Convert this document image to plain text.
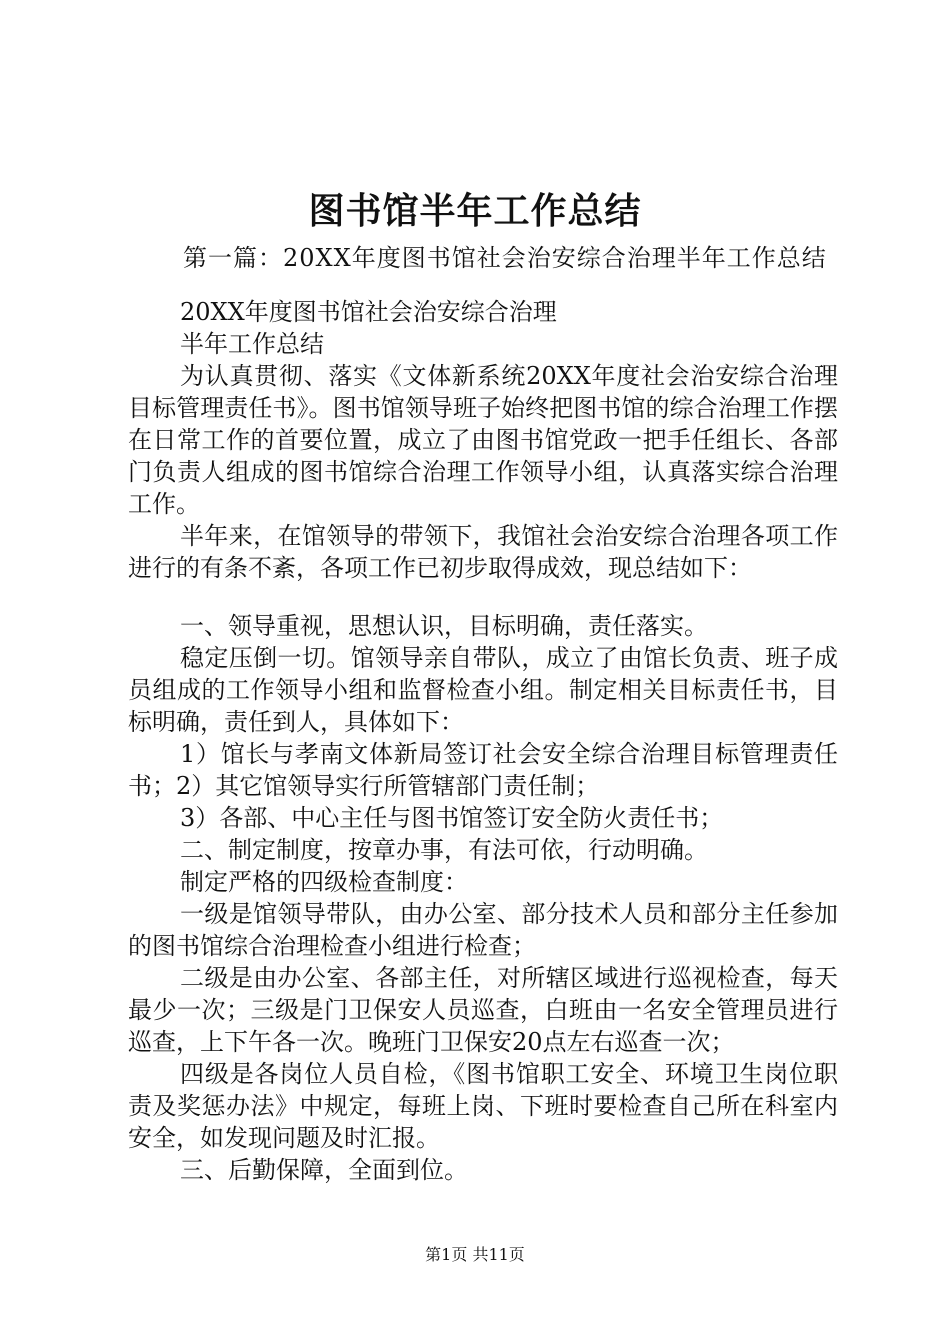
图书馆半年工作总结
第一篇：20XX年度图书馆社会治安综合治理半年工作总结

20XX年度图书馆社会治安综合治理

半年工作总结

为认真贯彻、落实《文体新系统20XX年度社会治安综合治理目标管理责任书》。图书馆领导班子始终把图书馆的综合治理工作摆在日常工作的首要位置，成立了由图书馆党政一把手任组长、各部门负责人组成的图书馆综合治理工作领导小组，认真落实综合治理工作。

半年来，在馆领导的带领下，我馆社会治安综合治理各项工作进行的有条不紊，各项工作已初步取得成效，现总结如下：

一、领导重视，思想认识，目标明确，责任落实。

稳定压倒一切。馆领导亲自带队，成立了由馆长负责、班子成员组成的工作领导小组和监督检查小组。制定相关目标责任书，目标明确，责任到人，具体如下：

1）馆长与孝南文体新局签订社会安全综合治理目标管理责任书；2）其它馆领导实行所管辖部门责任制；

3）各部、中心主任与图书馆签订安全防火责任书；

二、制定制度，按章办事，有法可依，行动明确。

制定严格的四级检查制度：

一级是馆领导带队，由办公室、部分技术人员和部分主任参加的图书馆综合治理检查小组进行检查；

二级是由办公室、各部主任，对所辖区域进行巡视检查，每天最少一次；三级是门卫保安人员巡查，白班由一名安全管理员进行巡查，上下午各一次。晚班门卫保安20点左右巡查一次；

四级是各岗位人员自检，《图书馆职工安全、环境卫生岗位职责及奖惩办法》中规定，每班上岗、下班时要检查自己所在科室内安全，如发现问题及时汇报。

三、后勤保障，全面到位。

第1页 共11页
